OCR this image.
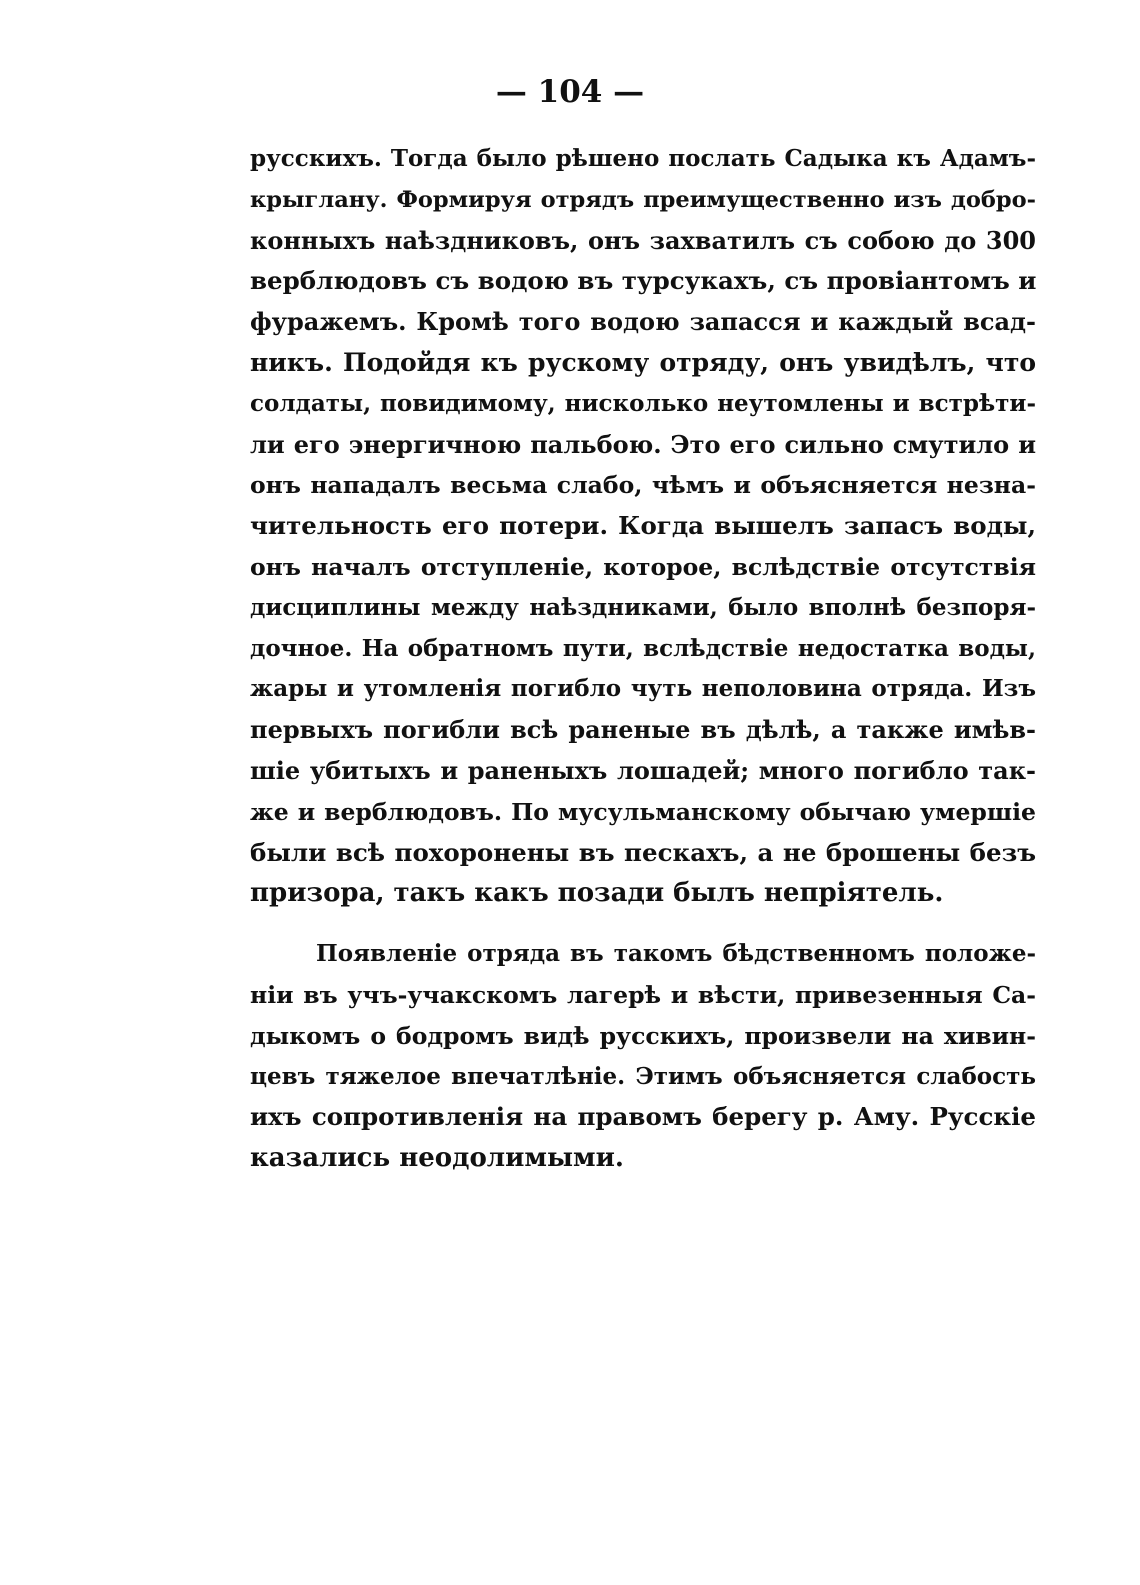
— 104 —
русскихъ. Тогда было рѣшено послать Садыка къ Адамъ-
крыглану. Формируя отрядъ преимущественно изъ добро-
конныхъ наѣздниковъ, онъ захватилъ съ собою до 300
верблюдовъ съ водою въ турсукахъ, съ провіантомъ и
фуражемъ. Кромѣ того водою запасся и каждый всад-
никъ. Подойдя къ рускому отряду, онъ увидѣлъ, что
солдаты, повидимому, нисколько неутомлены и встрѣти-
ли его энергичною пальбою. Это его сильно смутило и
онъ нападалъ весьма слабо, чѣмъ и объясняется незна-
чительность его потери. Когда вышелъ запасъ воды,
онъ началъ отступленіе, которое, вслѣдствіе отсутствія
дисциплины между наѣздниками, было вполнѣ безпоря-
дочное. На обратномъ пути, вслѣдствіе недостатка воды,
жары и утомленія погибло чуть неполовина отряда. Изъ
первыхъ погибли всѣ раненые въ дѣлѣ, а также имѣв-
шіе убитыхъ и раненыхъ лошадей; много погибло так-
же и верблюдовъ. По мусульманскому обычаю умершіе
были всѣ похоронены въ пескахъ, а не брошены безъ
призора, такъ какъ позади былъ непріятель.
Появленіе отряда въ такомъ бѣдственномъ положе-
ніи въ учъ-учакскомъ лагерѣ и вѣсти, привезенныя Са-
дыкомъ о бодромъ видѣ русскихъ, произвели на хивин-
цевъ тяжелое впечатлѣніе. Этимъ объясняется слабость
ихъ сопротивленія на правомъ берегу р. Аму. Русскіе
казались неодолимыми.
